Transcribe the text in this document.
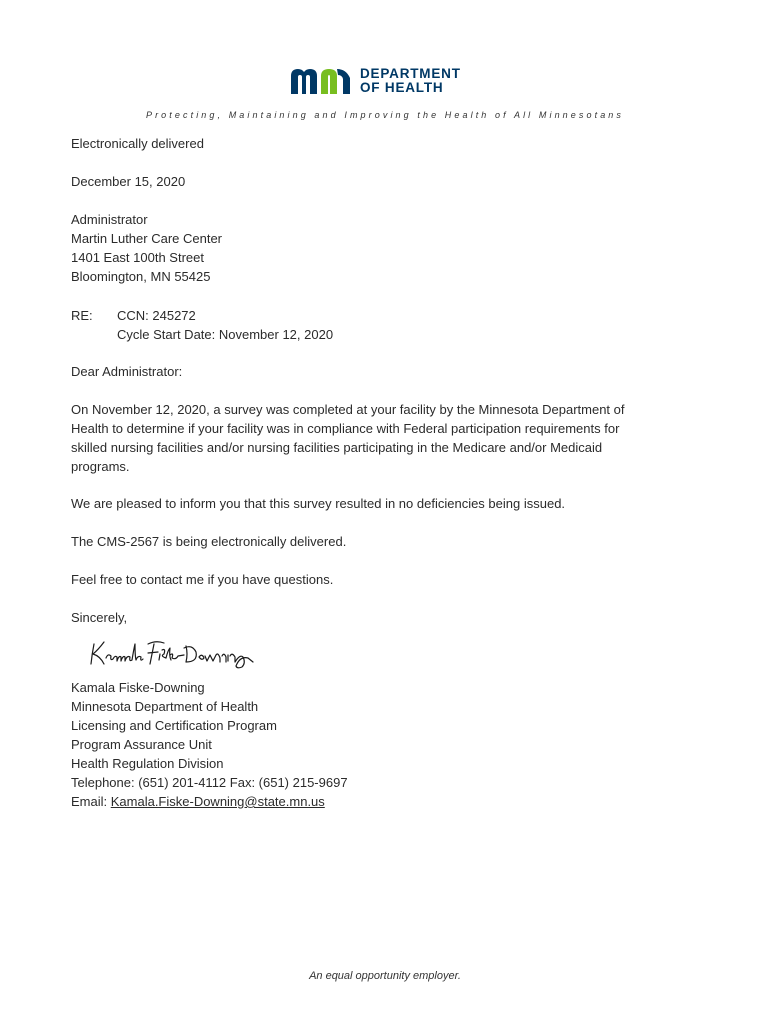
DEPARTMENT
OF HEALTH
Protecting, Maintaining and Improving the Health of All Minnesotans
Electronically delivered
December 15, 2020
Administrator
Martin Luther Care Center
1401 East 100th Street
Bloomington, MN 55425
RE: CCN: 245272
Cycle Start Date: November 12, 2020
Dear Administrator:
On November 12, 2020, a survey was completed at your facility by the Minnesota Department of
Health to determine if your facility was in compliance with Federal participation requirements for
skilled nursing facilities and/or nursing facilities participating in the Medicare and/or Medicaid
programs.
We are pleased to inform you that this survey resulted in no deficiencies being issued.
The CMS-2567 is being electronically delivered.
Feel free to contact me if you have questions.
Sincerely,
Kamala Fiske-Downing
Minnesota Department of Health
Licensing and Certification Program
Program Assurance Unit
Health Regulation Division
Telephone: (651) 201-4112 Fax: (651) 215-9697
Email: Kamala.Fiske-Downing@state.mn.us
An equal opportunity employer.
